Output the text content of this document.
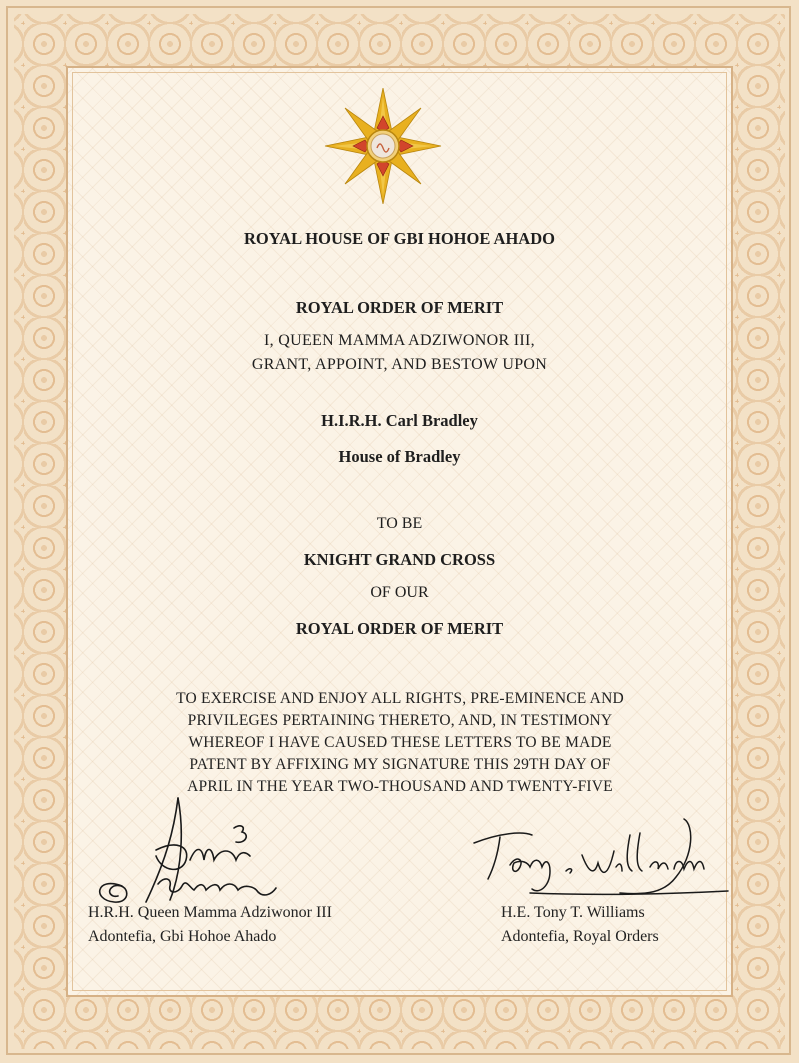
ROYAL HOUSE OF GBI HOHOE AHADO
ROYAL ORDER OF MERIT
I, QUEEN MAMMA ADZIWONOR III,
GRANT, APPOINT, AND BESTOW UPON
H.I.R.H. Carl Bradley
House of Bradley
TO BE
KNIGHT GRAND CROSS
OF OUR
ROYAL ORDER OF MERIT
TO EXERCISE AND ENJOY ALL RIGHTS, PRE-EMINENCE AND
PRIVILEGES PERTAINING THERETO, AND, IN TESTIMONY
WHEREOF I HAVE CAUSED THESE LETTERS TO BE MADE
PATENT BY AFFIXING MY SIGNATURE THIS 29TH DAY OF
APRIL IN THE YEAR TWO-THOUSAND AND TWENTY-FIVE
H.R.H. Queen Mamma Adziwonor III
Adontefia, Gbi Hohoe Ahado
H.E. Tony T. Williams
Adontefia, Royal Orders
